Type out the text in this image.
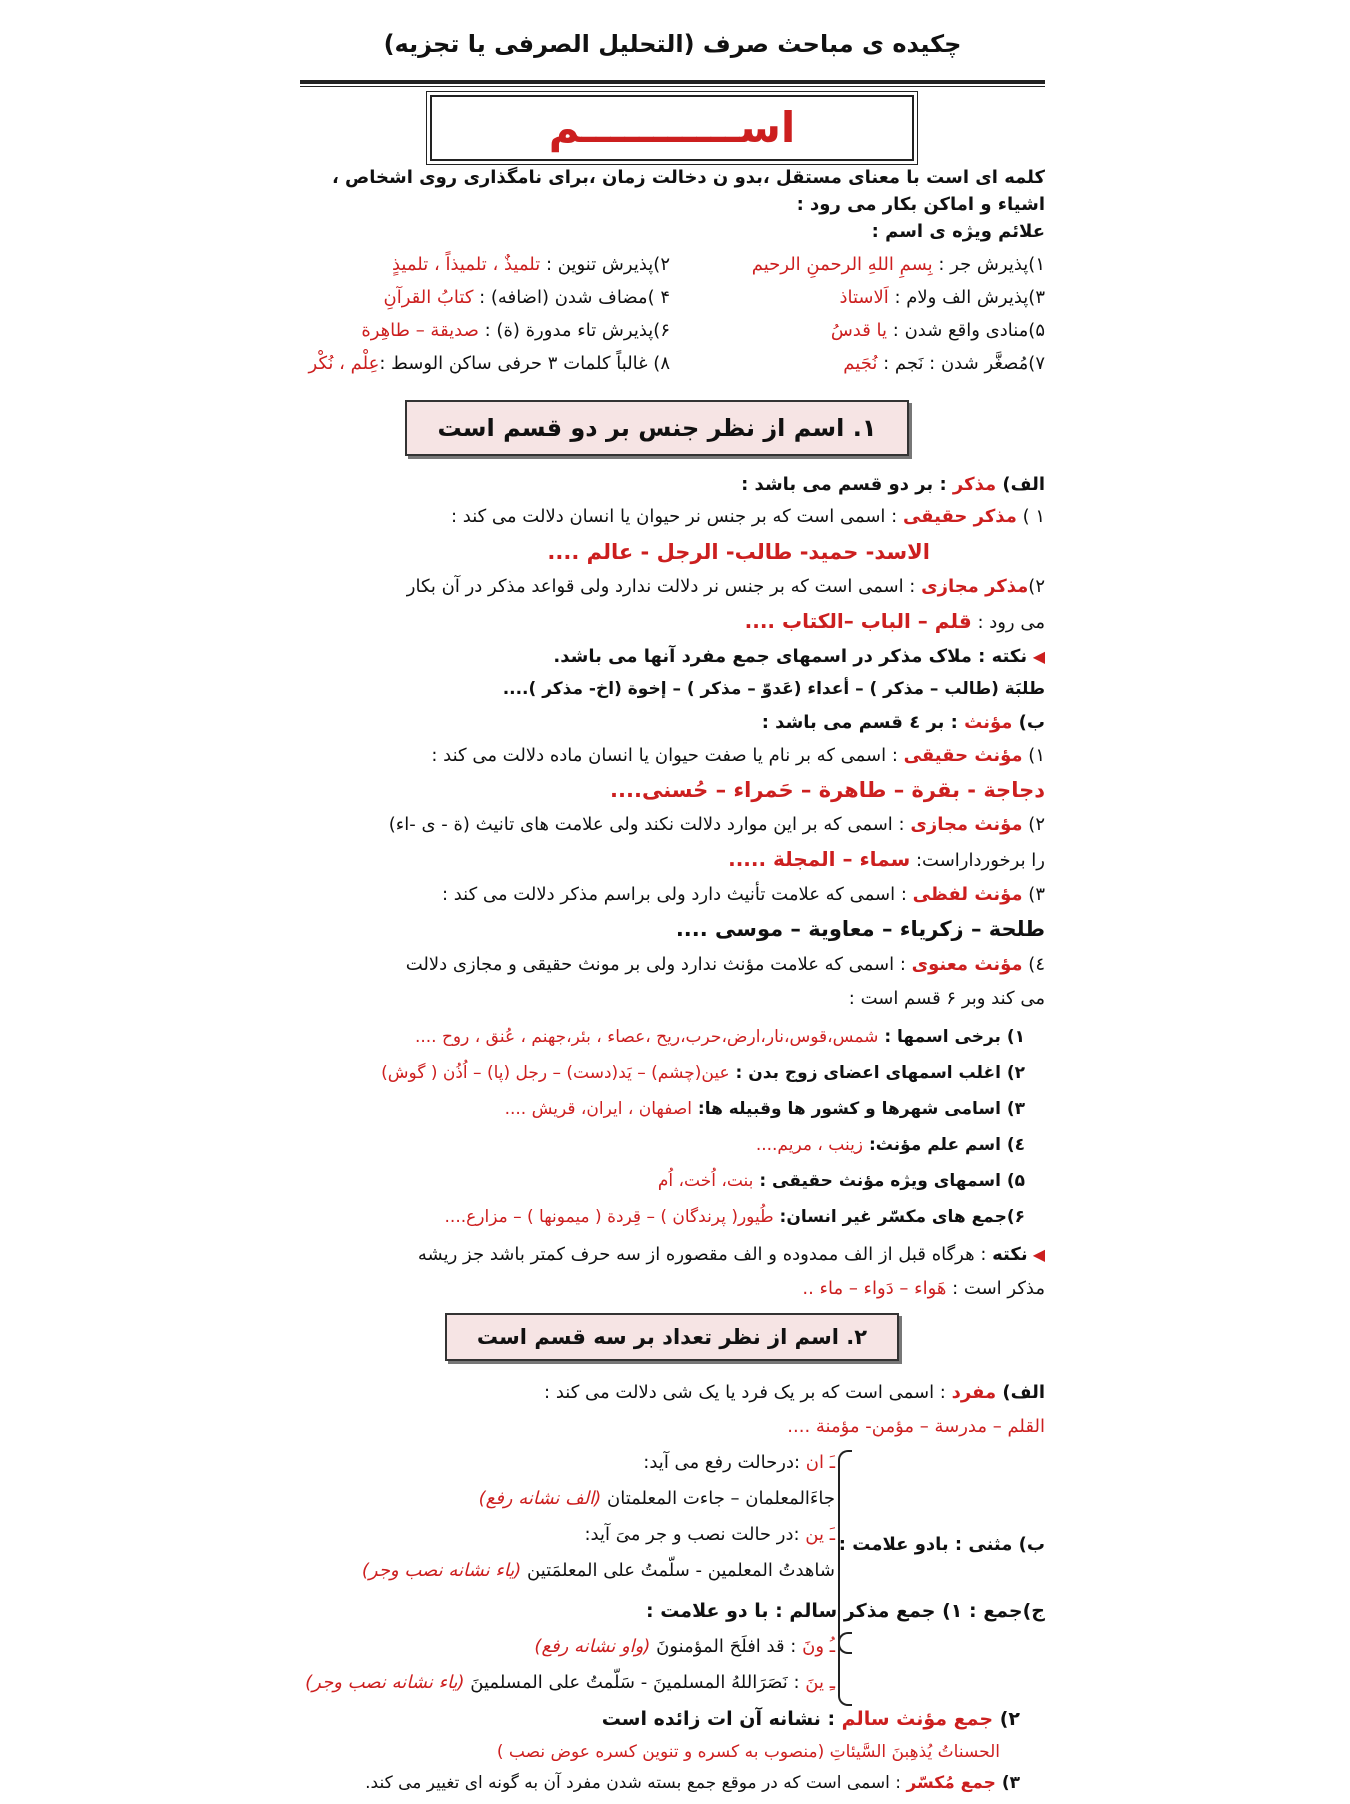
چکیده ی مباحث صرف (التحلیل الصرفی یا تجزیه)
اســـــــــــم
کلمه ای است با معنای مستقل ،بدو ن دخالت زمان ،برای نامگذاری روی اشخاص ،
اشیاء و اماکن بکار می رود :
علائم ویژه ی اسم :
۱)پذیرش جر : بِسمِ اللهِ الرحمنِ الرحیم
۲)پذیرش تنوین : تلمیذٌ ، تلمیذاً ، تلمیذٍ
۳)پذیرش الف ولام : اَلاستاذ
۴ )مضاف شدن (اضافه) : کتابُ القرآنِ
۵)منادی واقع شدن : یا قدسُ
۶)پذیرش تاء مدورة (ة) : صدیقة – طاهِرة
۷)مُصغَّر شدن : نَجم : نُجَیم
۸) غالباً کلمات ۳ حرفی ساکن الوسط :عِلْم ، نُکْر
۱. اسم از نظر جنس بر دو قسم است
الف) مذکر : بر دو قسم می باشد :
۱ ) مذکر حقیقی : اسمی است که بر جنس نر حیوان یا انسان دلالت می کند :
الاسد- حمید- طالب- الرجل - عالم ....
۲)مذکر مجازی : اسمی است که بر جنس نر دلالت ندارد ولی قواعد مذکر در آن بکار
می رود : قلم – الباب –الکتاب ....
◀ نکته : ملاک مذکر در اسمهای جمع مفرد آنها می باشد.
طلبَة (طالب – مذکر ) – أعداء (عَدوّ – مذکر ) – إخوة (اخ- مذکر )....
ب) مؤنث : بر ٤ قسم می باشد :
۱) مؤنث حقیقی : اسمی که بر نام یا صفت حیوان یا انسان ماده دلالت می کند :
دجاجة - بقرة – طاهرة – حَمراء – حُسنی....
۲) مؤنث مجازی : اسمی که بر این موارد دلالت نکند ولی علامت های تانیث (ة - ی -اء)
را برخورداراست: سماء – المجلة .....
۳) مؤنث لفظی : اسمی که علامت تأنیث دارد ولی براسم مذکر دلالت می کند :
طلحة – زکریاء – معاویة – موسی ....
٤) مؤنث معنوی : اسمی که علامت مؤنث ندارد ولی بر مونث حقیقی و مجازی دلالت
می کند وبر ۶ قسم است :
۱) برخی اسمها : شمس،قوس،نار،ارض،حرب،ریح ،عصاء ، بئر،جهنم ، عُنق ، روح ....
۲) اغلب اسمهای اعضای زوج بدن : عین(چشم) – یَد(دست) – رجل (پا) – اُذُن ( گوش)
۳) اسامی شهرها و کشور ها وقبیله ها: اصفهان ، ایران، قریش ....
٤) اسم علم مؤنث: زینب ، مریم....
۵) اسمهای ویژه مؤنث حقیقی : بنت، اُخت، اُم
۶)جمع های مکسّر غیر انسان: طُیور( پرندگان ) – قِردة ( میمونها ) – مزارع....
◀ نکته : هرگاه قبل از الف ممدوده و الف مقصوره از سه حرف کمتر باشد جز ریشه
مذکر است : هَواء – دَواء – ماء ..
۲. اسم از نظر تعداد بر سه قسم است
الف) مفرد : اسمی است که بر یک فرد یا یک شی دلالت می کند :
القلم – مدرسة – مؤمن- مؤمنة ....
ب) مثنی : بادو علامت :
ـَ ان :درحالت رفع می آید:
جاءَالمعلمان – جاءت المعلمتان (الف نشانه رفع)
ـَ ین :در حالت نصب و جر میَ آید:
شاهدتُ المعلمین - سلّمتُ علی المعلمَتین (یاء نشانه نصب وجر)
ج)جمع : ۱) جمع مذکر سالم : با دو علامت :
ـُ ونَ : قد افلَحَ المؤمنونَ (واو نشانه رفع)
ـِ ینَ : نَصَرَاللهُ المسلمینَ - سَلّمتُ علی المسلمینَ (یاء نشانه نصب وجر)
۲) جمع مؤنث سالم : نشانه آن ات زائده است
الحسناتُ یُذهِبنَ السَّیئاتِ (منصوب به کسره و تنوین کسره عوض نصب )
۳) جمع مُکسّر : اسمی است که در موقع جمع بسته شدن مفرد آن به گونه ای تغییر می کند.
